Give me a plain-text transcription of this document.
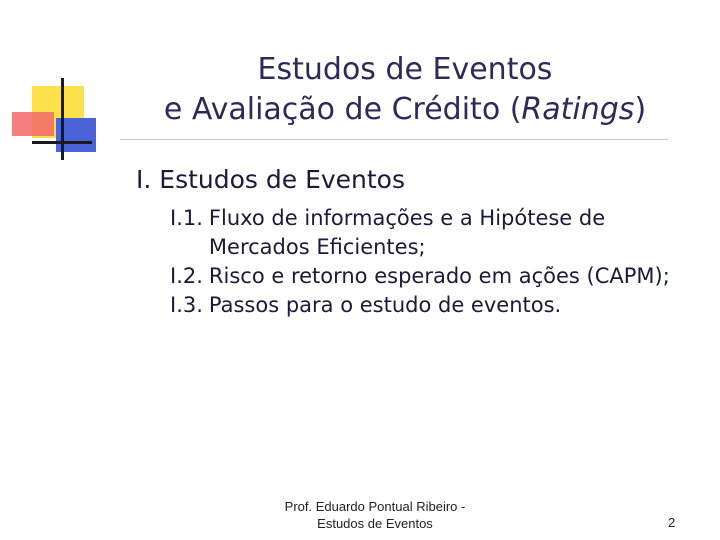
Estudos de Eventos
e Avaliação de Crédito (Ratings)
I. Estudos de Eventos
I.1. Fluxo de informações e a Hipótese de Mercados Eficientes;
I.2. Risco e retorno esperado em ações (CAPM);
I.3. Passos para o estudo de eventos.
Prof. Eduardo Pontual Ribeiro -
Estudos de Eventos	2
